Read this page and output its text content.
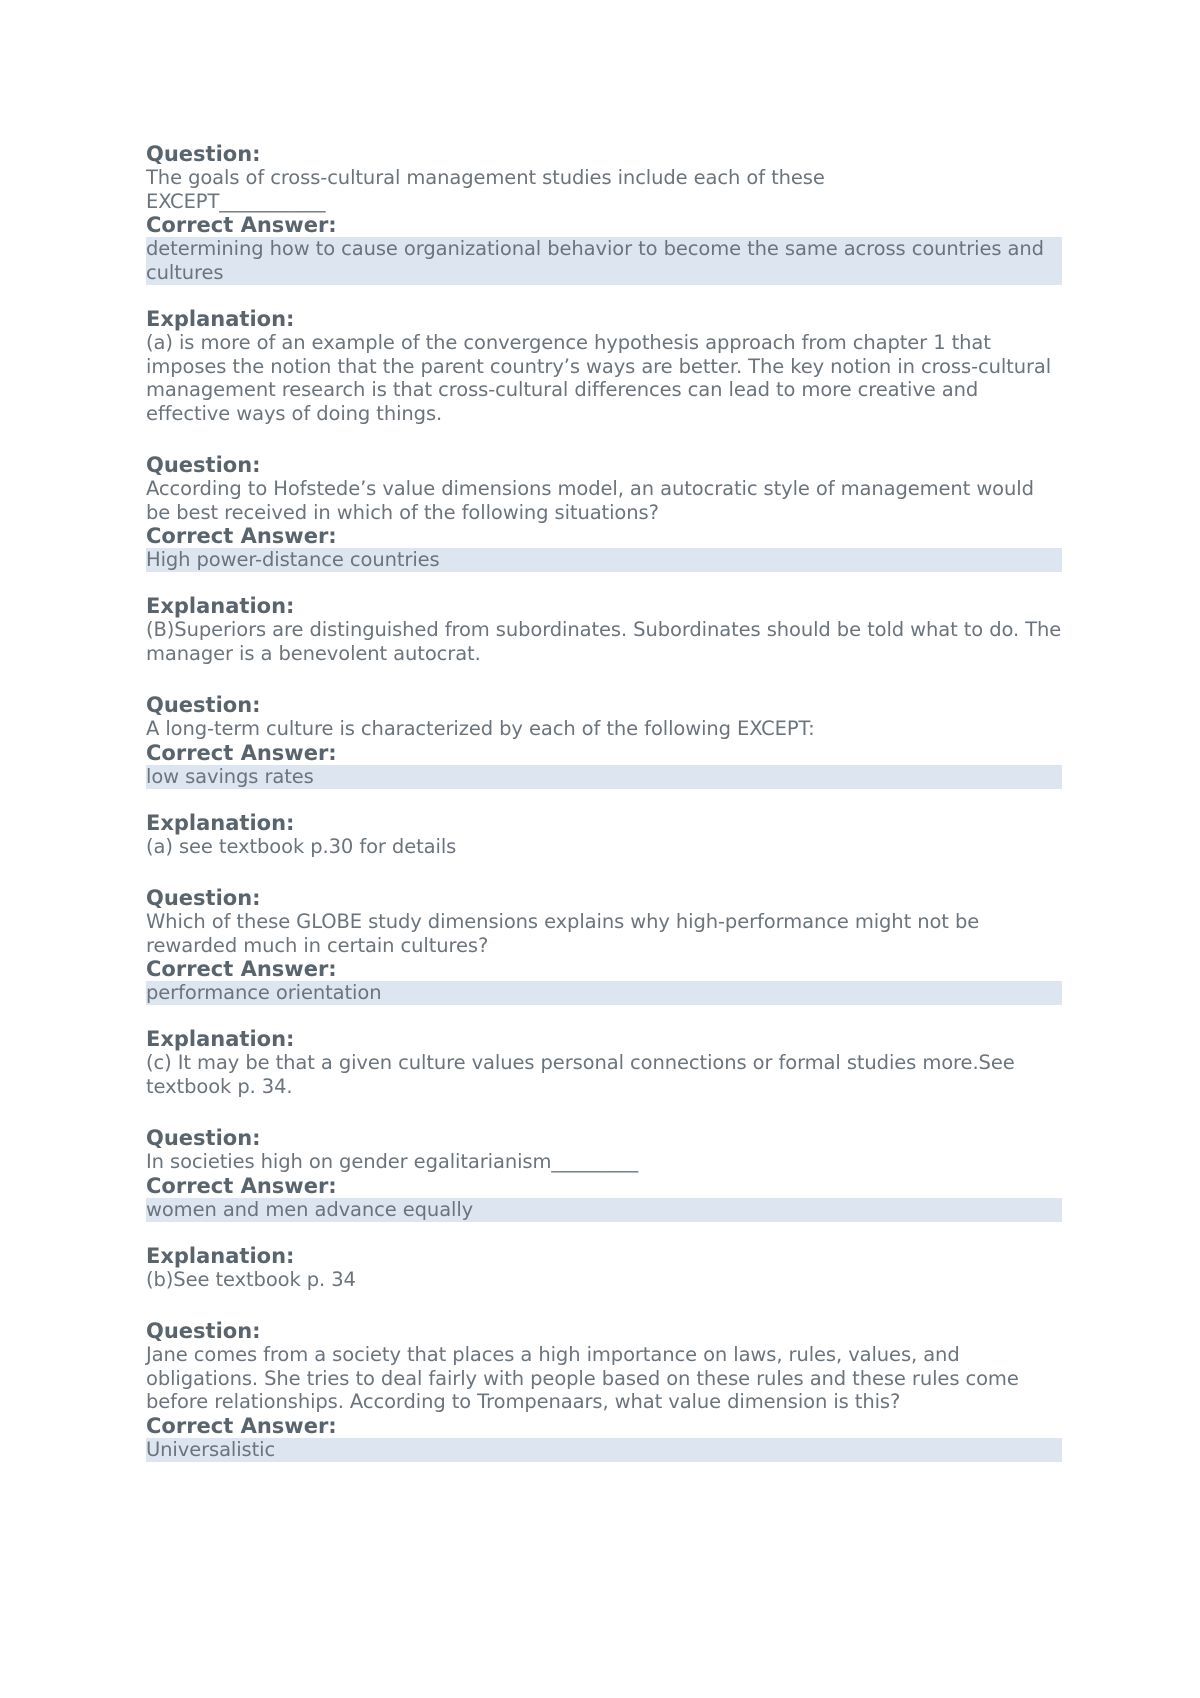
Question:
The goals of cross-cultural management studies include each of these EXCEPT___________
Correct Answer:
determining how to cause organizational behavior to become the same across countries and cultures
Explanation:
(a) is more of an example of the convergence hypothesis approach from chapter 1 that imposes the notion that the parent country’s ways are better. The key notion in cross-cultural management research is that cross-cultural differences can lead to more creative and effective ways of doing things.
Question:
According to Hofstede’s value dimensions model, an autocratic style of management would be best received in which of the following situations?
Correct Answer:
High power-distance countries
Explanation:
(B)Superiors are distinguished from subordinates. Subordinates should be told what to do. The manager is a benevolent autocrat.
Question:
A long-term culture is characterized by each of the following EXCEPT:
Correct Answer:
low savings rates
Explanation:
(a) see textbook p.30 for details
Question:
Which of these GLOBE study dimensions explains why high-performance might not be rewarded much in certain cultures?
Correct Answer:
performance orientation
Explanation:
(c) It may be that a given culture values personal connections or formal studies more.See textbook p. 34.
Question:
In societies high on gender egalitarianism_________
Correct Answer:
women and men advance equally
Explanation:
(b)See textbook p. 34
Question:
Jane comes from a society that places a high importance on laws, rules, values, and obligations. She tries to deal fairly with people based on these rules and these rules come before relationships. According to Trompenaars, what value dimension is this?
Correct Answer:
Universalistic
